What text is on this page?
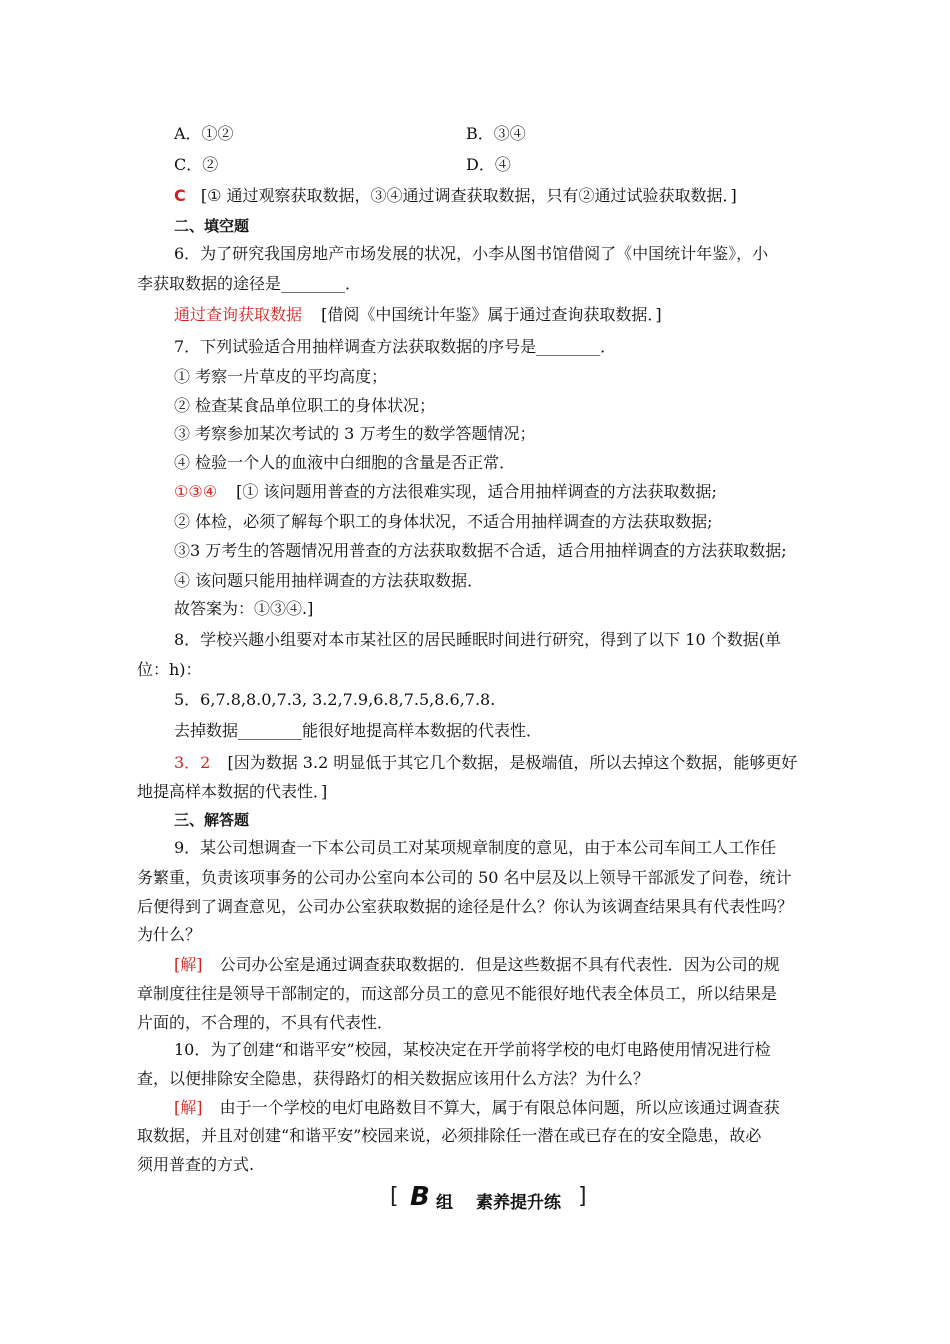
A．①②	B．③④
C．②	D．④
C [① 通过观察获取数据，③④通过调查获取数据，只有②通过试验获取数据．]
二、填空题
6．为了研究我国房地产市场发展的状况，小李从图书馆借阅了《中国统计年鉴》，小
李获取数据的途径是________．
通过查询获取数据 [借阅《中国统计年鉴》属于通过查询获取数据．]
7．下列试验适合用抽样调查方法获取数据的序号是________．
① 考察一片草皮的平均高度；
② 检查某食品单位职工的身体状况；
③ 考察参加某次考试的 3 万考生的数学答题情况；
④ 检验一个人的血液中白细胞的含量是否正常．
①③④ [① 该问题用普查的方法很难实现，适合用抽样调查的方法获取数据;
② 体检，必须了解每个职工的身体状况，不适合用抽样调查的方法获取数据;
③3 万考生的答题情况用普查的方法获取数据不合适，适合用抽样调查的方法获取数据;
④ 该问题只能用抽样调查的方法获取数据．
故答案为：①③④.]
8．学校兴趣小组要对本市某社区的居民睡眠时间进行研究，得到了以下 10 个数据(单
位：h)：
5．6,7.8,8.0,7.3, 3.2,7.9,6.8,7.5,8.6,7.8.
去掉数据________能很好地提高样本数据的代表性．
3．2 [因为数据 3.2 明显低于其它几个数据，是极端值，所以去掉这个数据，能够更好
地提高样本数据的代表性．]
三、解答题
9．某公司想调查一下本公司员工对某项规章制度的意见，由于本公司车间工人工作任
务繁重，负责该项事务的公司办公室向本公司的 50 名中层及以上领导干部派发了问卷，统计
后便得到了调查意见，公司办公室获取数据的途径是什么？你认为该调查结果具有代表性吗？
为什么？
[解] 公司办公室是通过调查获取数据的．但是这些数据不具有代表性．因为公司的规
章制度往往是领导干部制定的，而这部分员工的意见不能很好地代表全体员工，所以结果是
片面的，不合理的，不具有代表性．
10．为了创建“和谐平安”校园，某校决定在开学前将学校的电灯电路使用情况进行检
查，以便排除安全隐患，获得路灯的相关数据应该用什么方法？为什么？
[解] 由于一个学校的电灯电路数目不算大，属于有限总体问题，所以应该通过调查获
取数据，并且对创建“和谐平安”校园来说，必须排除任一潜在或已存在的安全隐患，故必
须用普查的方式.
[ B 组 素养提升练 ]
